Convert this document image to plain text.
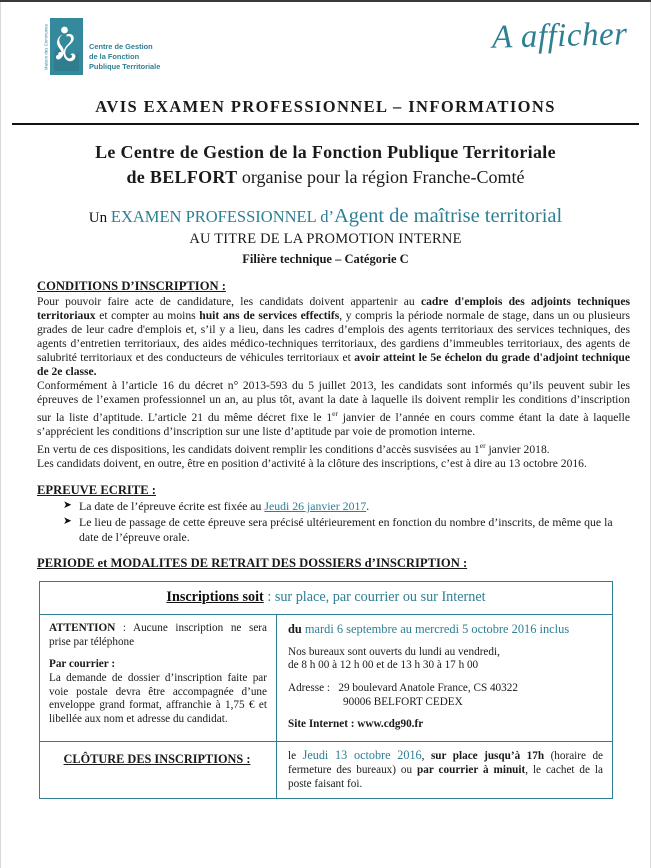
Maison des Communes	Centre de Gestion
de la Fonction
Publique Territoriale
A afficher
AVIS EXAMEN PROFESSIONNEL – INFORMATIONS
Le Centre de Gestion de la Fonction Publique Territoriale
de BELFORT organise pour la région Franche-Comté
Un EXAMEN PROFESSIONNEL d’Agent de maîtrise territorial
AU TITRE DE LA PROMOTION INTERNE
Filière technique – Catégorie C
CONDITIONS D’INSCRIPTION :

Pour pouvoir faire acte de candidature, les candidats doivent appartenir au cadre d'emplois des adjoints techniques territoriaux et compter au moins huit ans de services effectifs, y compris la période normale de stage, dans un ou plusieurs grades de leur cadre d'emplois et, s’il y a lieu, dans les cadres d’emplois des agents territoriaux des services techniques, des agents d’entretien territoriaux, des aides médico-techniques territoriaux, des gardiens d’immeubles territoriaux, des agents de salubrité territoriaux et des conducteurs de véhicules territoriaux et avoir atteint le 5e échelon du grade d'adjoint technique de 2e classe.

Conformément à l’article 16 du décret n° 2013-593 du 5 juillet 2013, les candidats sont informés qu’ils peuvent subir les épreuves de l’examen professionnel un an, au plus tôt, avant la date à laquelle ils doivent remplir les conditions d’inscription sur la liste d’aptitude. L’article 21 du même décret fixe le 1er janvier de l’année en cours comme étant la date à laquelle s’apprécient les conditions d’inscription sur une liste d’aptitude par voie de promotion interne.

En vertu de ces dispositions, les candidats doivent remplir les conditions d’accès susvisées au 1er janvier 2018.

Les candidats doivent, en outre, être en position d’activité à la clôture des inscriptions, c’est à dire au 13 octobre 2016.

EPREUVE ECRITE :
➤ La date de l’épreuve écrite est fixée au Jeudi 26 janvier 2017.
➤ Le lieu de passage de cette épreuve sera précisé ultérieurement en fonction du nombre d’inscrits, de même que la date de l’épreuve orale.
PERIODE et MODALITES DE RETRAIT DES DOSSIERS d’INSCRIPTION :
Inscriptions soit : sur place, par courrier ou sur Internet	

ATTENTION : Aucune inscription ne sera prise par téléphone
Par courrier :
La demande de dossier d’inscription faite par voie postale devra être accompagnée d’une enveloppe grand format, affranchie à 1,75 € et libellée aux nom et adresse du candidat.

du mardi 6 septembre au mercredi 5 octobre 2016 inclus
Nos bureaux sont ouverts du lundi au vendredi,
de 8 h 00 à 12 h 00 et de 13 h 30 à 17 h 00
Adresse : 29 boulevard Anatole France, CS 40322
90006 BELFORT CEDEX
Site Internet : www.cdg90.fr

CLÔTURE DES INSCRIPTIONS :	le Jeudi 13 octobre 2016, sur place jusqu’à 17h (horaire de fermeture des bureaux) ou par courrier à minuit, le cachet de la poste faisant foi.
